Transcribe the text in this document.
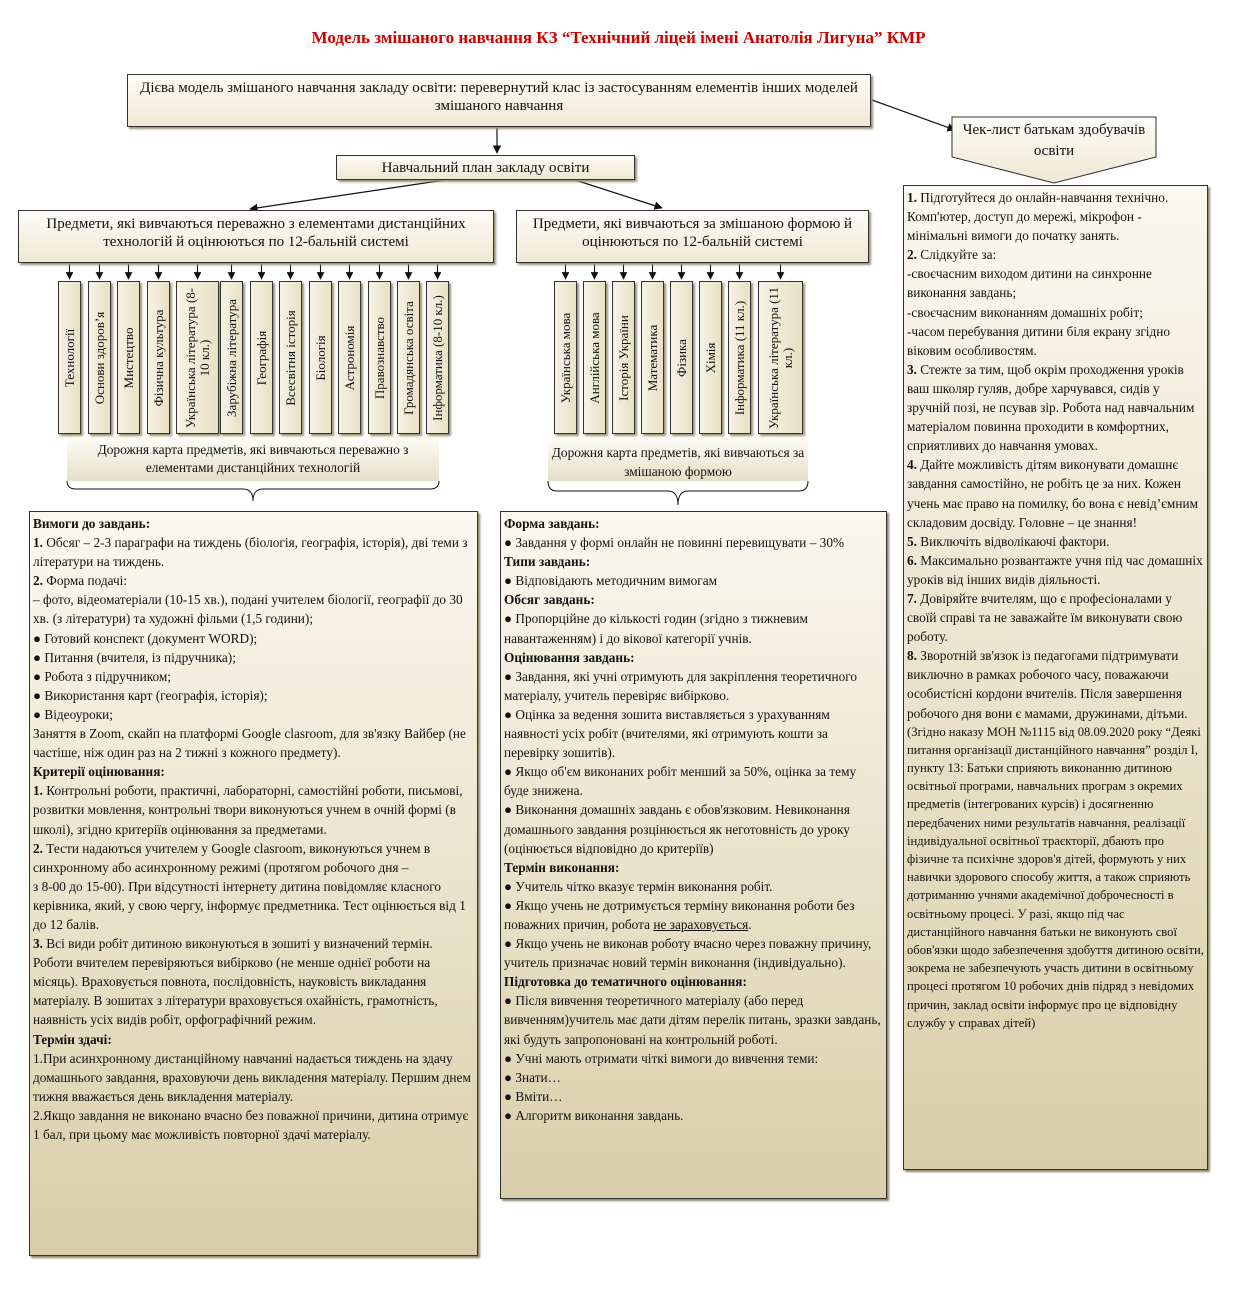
Модель змішаного навчання КЗ “Технічний ліцей імені Анатолія Лигуна” КМР
Дієва модель змішаного навчання закладу освіти: перевернутий клас із застосуванням елементів інших моделей змішаного навчання
Навчальний план закладу освіти
Чек-лист батькам здобувачів освіти
Предмети, які вивчаються переважно з елементами дистанційних технологій й оцінюються по 12-бальній системі
Предмети, які вивчаються за змішаною формою й оцінюються по 12-бальній системі
Технології Основи здоров’я Мистецтво Фізична культура Українська література (8-10 кл.) Зарубіжна література Географія Всесвітня історія Біологія Астрономія Правознавство Громадянська освіта Інформатика (8-10 кл.)	Українська мова Англійська мова Історія України Математика Фізика Хімія Інформатика (11 кл.) Українська література (11 кл.)
Дорожня карта предметів, які вивчаються переважно з елементами дистанційних технологій
Дорожня карта предметів, які вивчаються за змішаною формою

Вимоги до завдань:

1. Обсяг – 2-3 параграфи на тиждень (біологія, географія, історія), дві теми з літератури на тиждень.

2. Форма подачі:

– фото, відеоматеріали (10-15 хв.), подані учителем біології, географії до 30 хв. (з літератури) та художні фільми (1,5 години);

● Готовий конспект (документ WORD);

● Питання (вчителя, із підручника);

● Робота з підручником;

● Використання карт (географія, історія);

● Відеоуроки;

Заняття в Zoom, скайп на платформі Google clasroom, для зв'язку Вайбер (не частіше, ніж один раз на 2 тижні з кожного предмету).

Критерії оцінювання:

1. Контрольні роботи, практичні, лабораторні, самостійні роботи, письмові, розвитки мовлення, контрольні твори виконуються учнем в очній формі (в школі), згідно критеріїв оцінювання за предметами.

2. Тести надаються учителем у Google clasroom, виконуються учнем в синхронному або асинхронному режимі (протягом робочого дня –

з 8-00 до 15-00). При відсутності інтернету дитина повідомляє класного керівника, який, у свою чергу, інформує предметника. Тест оцінюється від 1 до 12 балів.

3. Всі види робіт дитиною виконуються в зошиті у визначений термін. Роботи вчителем перевіряються вибірково (не менше однієї роботи на місяць). Враховується повнота, послідовність, науковість викладання матеріалу. В зошитах з літератури враховується охайність, грамотність, наявність усіх видів робіт, орфографічний режим.

Термін здачі:

1.При асинхронному дистанційному навчанні надається тиждень на здачу домашнього завдання, враховуючи день викладення матеріалу. Першим днем тижня вважається день викладення матеріалу.

2.Якщо завдання не виконано вчасно без поважної причини, дитина отримує 1 бал, при цьому має можливість повторної здачі матеріалу.

Форма завдань:

● Завдання у формі онлайн не повинні перевищувати – 30%

Типи завдань:

● Відповідають методичним вимогам

Обсяг завдань:

● Пропорційне до кількості годин (згідно з тижневим навантаженням) і до вікової категорії учнів.

Оцінювання завдань:

● Завдання, які учні отримують для закріплення теоретичного матеріалу, учитель перевіряє вибірково.

● Оцінка за ведення зошита виставляється з урахуванням наявності усіх робіт (вчителями, які отримують кошти за перевірку зошитів).

● Якщо об'єм виконаних робіт менший за 50%, оцінка за тему буде знижена.

● Виконання домашніх завдань є обов'язковим. Невиконання домашнього завдання розцінюється як неготовність до уроку (оцінюється відповідно до критеріїв)

Термін виконання:

● Учитель чітко вказує термін виконання робіт.

● Якщо учень не дотримується терміну виконання роботи без поважних причин, робота не зараховується.

● Якщо учень не виконав роботу вчасно через поважну причину, учитель призначає новий термін виконання (індивідуально).

Підготовка до тематичного оцінювання:

● Після вивчення теоретичного матеріалу (або перед вивченням)учитель має дати дітям перелік питань, зразки завдань, які будуть запропоновані на контрольній роботі.

● Учні мають отримати чіткі вимоги до вивчення теми:

● Знати…

● Вміти…

● Алгоритм виконання завдань.

1. Підготуйтеся до онлайн-навчання технічно. Комп'ютер, доступ до мережі, мікрофон - мінімальні вимоги до початку занять.

2. Слідкуйте за:

-своєчасним виходом дитини на синхронне виконання завдань;

-своєчасним виконанням домашніх робіт;

-часом перебування дитини біля екрану згідно віковим особливостям.

3. Стежте за тим, щоб окрім проходження уроків ваш школяр гуляв, добре харчувався, сидів у зручній позі, не псував зір. Робота над навчальним матеріалом повинна проходити в комфортних, сприятливих до навчання умовах.

4. Дайте можливість дітям виконувати домашнє завдання самостійно, не робіть це за них. Кожен учень має право на помилку, бо вона є невід’ємним складовим досвіду. Головне – це знання!

5. Виключіть відволікаючі фактори.

6. Максимально розвантажте учня під час домашніх уроків від інших видів діяльності.

7. Довіряйте вчителям, що є професіоналами у своїй справі та не заважайте їм виконувати свою роботу.

8. Зворотній зв'язок із педагогами підтримувати виключно в рамках робочого часу, поважаючи особистісні кордони вчителів. Після завершення робочого дня вони є мамами, дружинами, дітьми.

(Згідно наказу МОН №1115 від 08.09.2020 року “Деякі питання організації дистанційного навчання” розділ І, пункту 13: Батьки сприяють виконанню дитиною освітньої програми, навчальних програм з окремих предметів (інтегрованих курсів) і досягненню передбачених ними результатів навчання, реалізації індивідуальної освітньої траєкторії, дбають про фізичне та психічне здоров'я дітей, формують у них навички здорового способу життя, а також сприяють дотриманню учнями академічної доброчесності в освітньому процесі. У разі, якщо під час дистанційного навчання батьки не виконують свої обов'язки щодо забезпечення здобуття дитиною освіти, зокрема не забезпечують участь дитини в освітньому процесі протягом 10 робочих днів підряд з невідомих причин, заклад освіти інформує про це відповідну службу у справах дітей)
